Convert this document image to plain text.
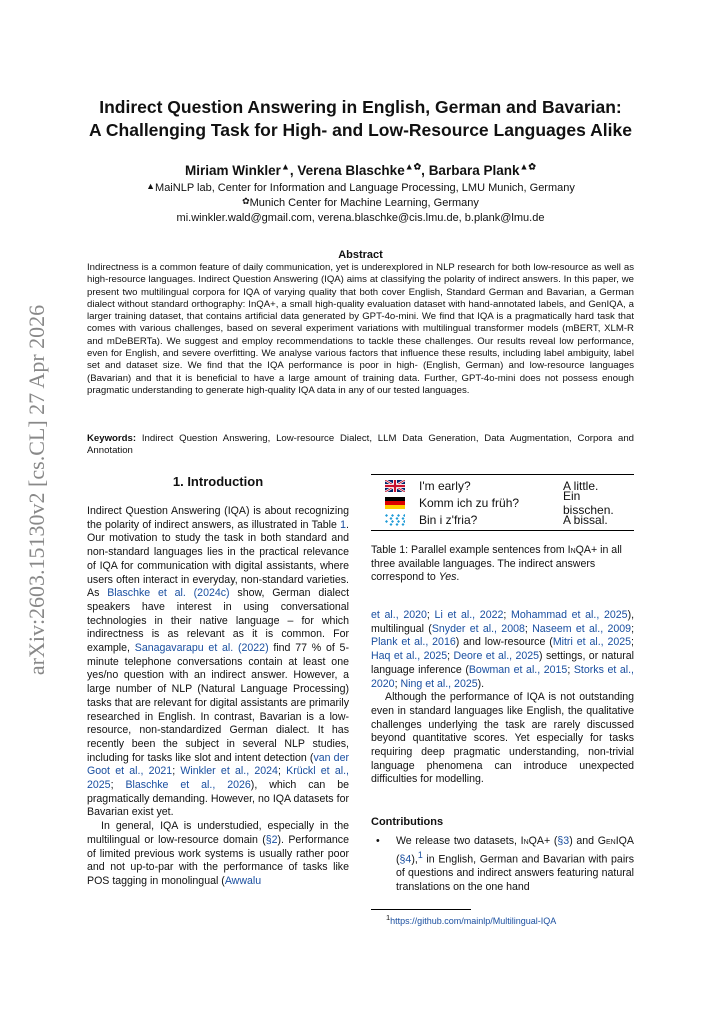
arXiv:2603.15130v2 [cs.CL] 27 Apr 2026
Indirect Question Answering in English, German and Bavarian:
A Challenging Task for High- and Low-Resource Languages Alike
Miriam Winkler▲, Verena Blaschke▲✿, Barbara Plank▲✿
▲MaiNLP lab, Center for Information and Language Processing, LMU Munich, Germany
✿Munich Center for Machine Learning, Germany
mi.winkler.wald@gmail.com, verena.blaschke@cis.lmu.de, b.plank@lmu.de
Abstract
Indirectness is a common feature of daily communication, yet is underexplored in NLP research for both low-resource as well as high-resource languages. Indirect Question Answering (IQA) aims at classifying the polarity of indirect answers. In this paper, we present two multilingual corpora for IQA of varying quality that both cover English, Standard German and Bavarian, a German dialect without standard orthography: InQA+, a small high-quality evaluation dataset with hand-annotated labels, and GenIQA, a larger training dataset, that contains artificial data generated by GPT-4o-mini. We find that IQA is a pragmatically hard task that comes with various challenges, based on several experiment variations with multilingual transformer models (mBERT, XLM-R and mDeBERTa). We suggest and employ recommendations to tackle these challenges. Our results reveal low performance, even for English, and severe overfitting. We analyse various factors that influence these results, including label ambiguity, label set and dataset size. We find that the IQA performance is poor in high- (English, German) and low-resource languages (Bavarian) and that it is beneficial to have a large amount of training data. Further, GPT-4o-mini does not possess enough pragmatic understanding to generate high-quality IQA data in any of our tested languages.
Keywords: Indirect Question Answering, Low-resource Dialect, LLM Data Generation, Data Augmentation, Corpora and Annotation
1. Introduction

Indirect Question Answering (IQA) is about recognizing the polarity of indirect answers, as illustrated in Table 1. Our motivation to study the task in both standard and non-standard languages lies in the practical relevance of IQA for communication with digital assistants, where users often interact in everyday, non-standard varieties. As Blaschke et al. (2024c) show, German dialect speakers have interest in using conversational technologies in their native language – for which indirectness is as relevant as it is common. For example, Sanagavarapu et al. (2022) find 77 % of 5-minute telephone conversations contain at least one yes/no question with an indirect answer. However, a large number of NLP (Natural Language Processing) tasks that are relevant for digital assistants are primarily researched in English. In contrast, Bavarian is a low-resource, non-standardized German dialect. It has recently been the subject in several NLP studies, including for tasks like slot and intent detection (van der Goot et al., 2021; Winkler et al., 2024; Krückl et al., 2025; Blaschke et al., 2026), which can be pragmatically demanding. However, no IQA datasets for Bavarian exist yet.

In general, IQA is understudied, especially in the multilingual or low-resource domain (§2). Performance of limited previous work systems is usually rather poor and not up-to-par with the performance of tasks like POS tagging in monolingual (Awwalu

I'm early?	A little.
Komm ich zu früh?	Ein bisschen.
Bin i z'fria?	A bissal.
Table 1: Parallel example sentences from InQA+ in all three available languages. The indirect answers correspond to Yes.

et al., 2020; Li et al., 2022; Mohammad et al., 2025), multilingual (Snyder et al., 2008; Naseem et al., 2009; Plank et al., 2016) and low-resource (Mitri et al., 2025; Haq et al., 2025; Deore et al., 2025) settings, or natural language inference (Bowman et al., 2015; Storks et al., 2020; Ning et al., 2025).

Although the performance of IQA is not outstanding even in standard languages like English, the qualitative challenges underlying the task are rarely discussed beyond quantitative scores. Yet especially for tasks requiring deep pragmatic understanding, non-trivial language phenomena can introduce unexpected difficulties for modelling.

Contributions
• We release two datasets, InQA+ (§3) and GenIQA (§4),$^1$ in English, German and Bavarian with pairs of questions and indirect answers featuring natural translations on the one hand
$^1$https://github.com/mainlp/Multilingual-IQA
